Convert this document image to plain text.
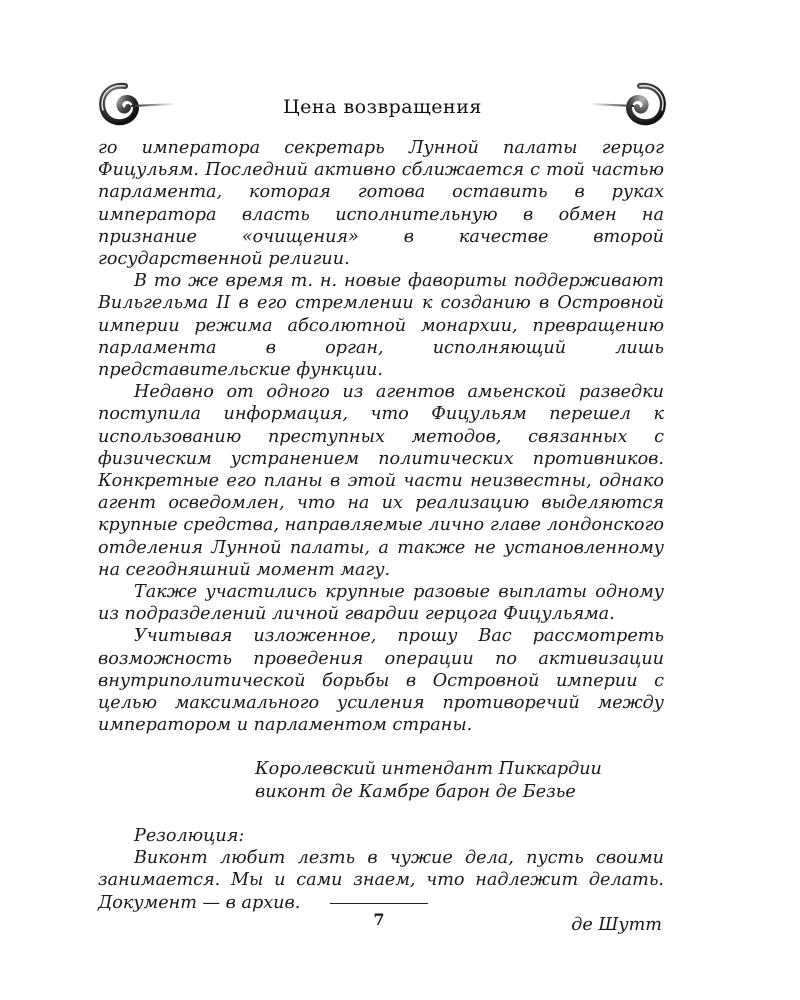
Цена возвращения

го императора секретарь Лунной палаты герцог Фицульям. Последний активно сближается с той частью парламента, которая готова оставить в руках императора власть исполнительную в обмен на признание «очищения» в качестве второй государственной религии.

В то же время т. н. новые фавориты поддерживают Вильгельма II в его стремлении к созданию в Островной империи режима абсолютной монархии, превращению парламента в орган, исполняющий лишь представительские функции.

Недавно от одного из агентов амьенской разведки поступила информация, что Фицульям перешел к использованию преступных методов, связанных с физическим устранением политических противников. Конкретные его планы в этой части неизвестны, однако агент осведомлен, что на их реализацию выделяются крупные средства, направляемые лично главе лондонского отделения Лунной палаты, а также не установленному на сегодняшний момент магу.

Также участились крупные разовые выплаты одному из подразделений личной гвардии герцога Фицульяма.

Учитывая изложенное, прошу Вас рассмотреть возможность проведения операции по активизации внутриполитической борьбы в Островной империи с целью максимального усиления противоречий между императором и парламентом страны.

Королевский интендант Пиккардии
виконт де Камбре барон де Безье

Резолюция:

Виконт любит лезть в чужие дела, пусть своими занимается. Мы и сами знаем, что надлежит делать. Документ — в архив.

де Шутт
7
